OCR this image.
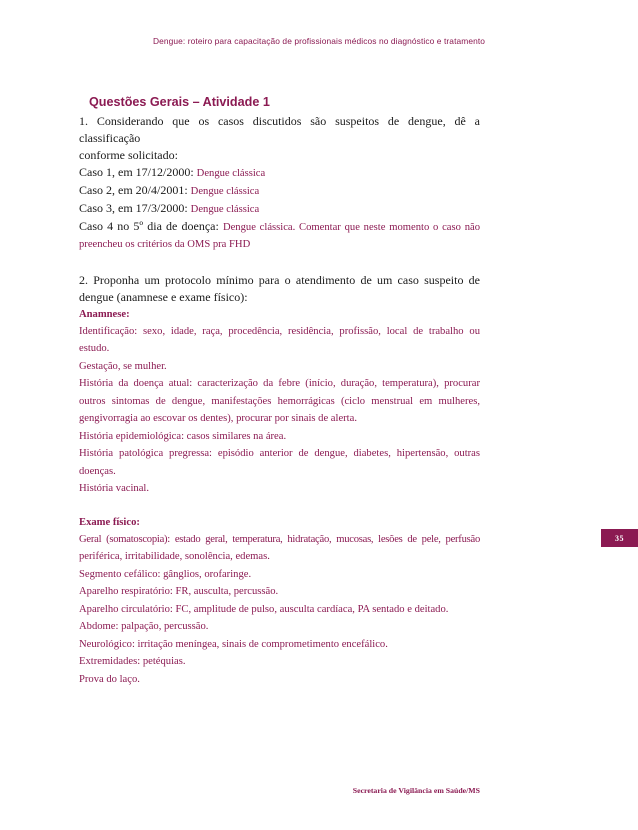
Dengue: roteiro para capacitação de profissionais médicos no diagnóstico e tratamento
Questões Gerais – Atividade 1
1. Considerando que os casos discutidos são suspeitos de dengue, dê a classificação
conforme solicitado:
Caso 1, em 17/12/2000: Dengue clássica
Caso 2, em 20/4/2001: Dengue clássica
Caso 3, em 17/3/2000: Dengue clássica
Caso 4 no 5º dia de doença: Dengue clássica. Comentar que neste momento o caso não
preencheu os critérios da OMS pra FHD
2. Proponha um protocolo mínimo para o atendimento de um caso suspeito de
dengue (anamnese e exame físico):
Anamnese:
Identificação: sexo, idade, raça, procedência, residência, profissão, local de trabalho ou
estudo.
Gestação, se mulher.
História da doença atual: caracterização da febre (início, duração, temperatura), procurar
outros sintomas de dengue, manifestações hemorrágicas (ciclo menstrual em mulheres,
gengivorragia ao escovar os dentes), procurar por sinais de alerta.
História epidemiológica: casos similares na área.
História patológica pregressa: episódio anterior de dengue, diabetes, hipertensão, outras
doenças.
História vacinal.
Exame físico:
Geral (somatoscopia): estado geral, temperatura, hidratação, mucosas, lesões de pele, perfusão
periférica, irritabilidade, sonolência, edemas.
Segmento cefálico: gânglios, orofaringe.
Aparelho respiratório: FR, ausculta, percussão.
Aparelho circulatório: FC, amplitude de pulso, ausculta cardíaca, PA sentado e deitado.
Abdome: palpação, percussão.
Neurológico: irritação meníngea, sinais de comprometimento encefálico.
Extremidades: petéquias.
Prova do laço.
35
Secretaria de Vigilância em Saúde/MS
